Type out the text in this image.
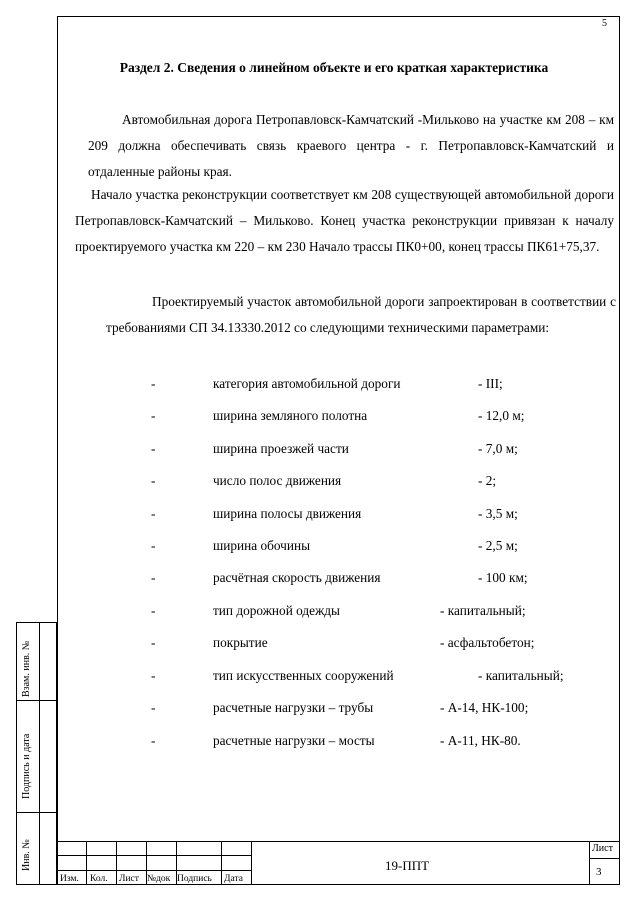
5
Раздел 2. Сведения о линейном объекте и его краткая характеристика

Автомобильная дорога Петропавловск-Камчатский -Мильково на участке км 208 – км 209 должна обеспечивать связь краевого центра - г. Петропавловск-Камчатский и отдаленные районы края.

Начало участка реконструкции соответствует км 208 существующей автомобильной дороги Петропавловск-Камчатский – Мильково. Конец участка реконструкции привязан к началу проектируемого участка км 220 – км 230 Начало трассы ПК0+00, конец трассы ПК61+75,37.

Проектируемый участок автомобильной дороги запроектирован в соответствии с требованиями СП 34.13330.2012 со следующими техническими параметрами:

-	категория автомобильной дороги	- III;
-	ширина земляного полотна	- 12,0 м;
-	ширина проезжей части	- 7,0 м;
-	число полос движения	- 2;
-	ширина полосы движения	- 3,5 м;
-	ширина обочины	- 2,5 м;
-	расчётная скорость движения	- 100 км;
-	тип дорожной одежды	- капитальный;
-	покрытие	- асфальтобетон;
-	тип искусственных сооружений	- капитальный;
-	расчетные нагрузки – трубы	- А-14, НК-100;
-	расчетные нагрузки – мосты	- А-11, НК-80.
Взам. инв. №
Подпись и дата
Инв. №
Изм. Кол. Лист №док Подпись Дата
19-ППТ
Лист
3
